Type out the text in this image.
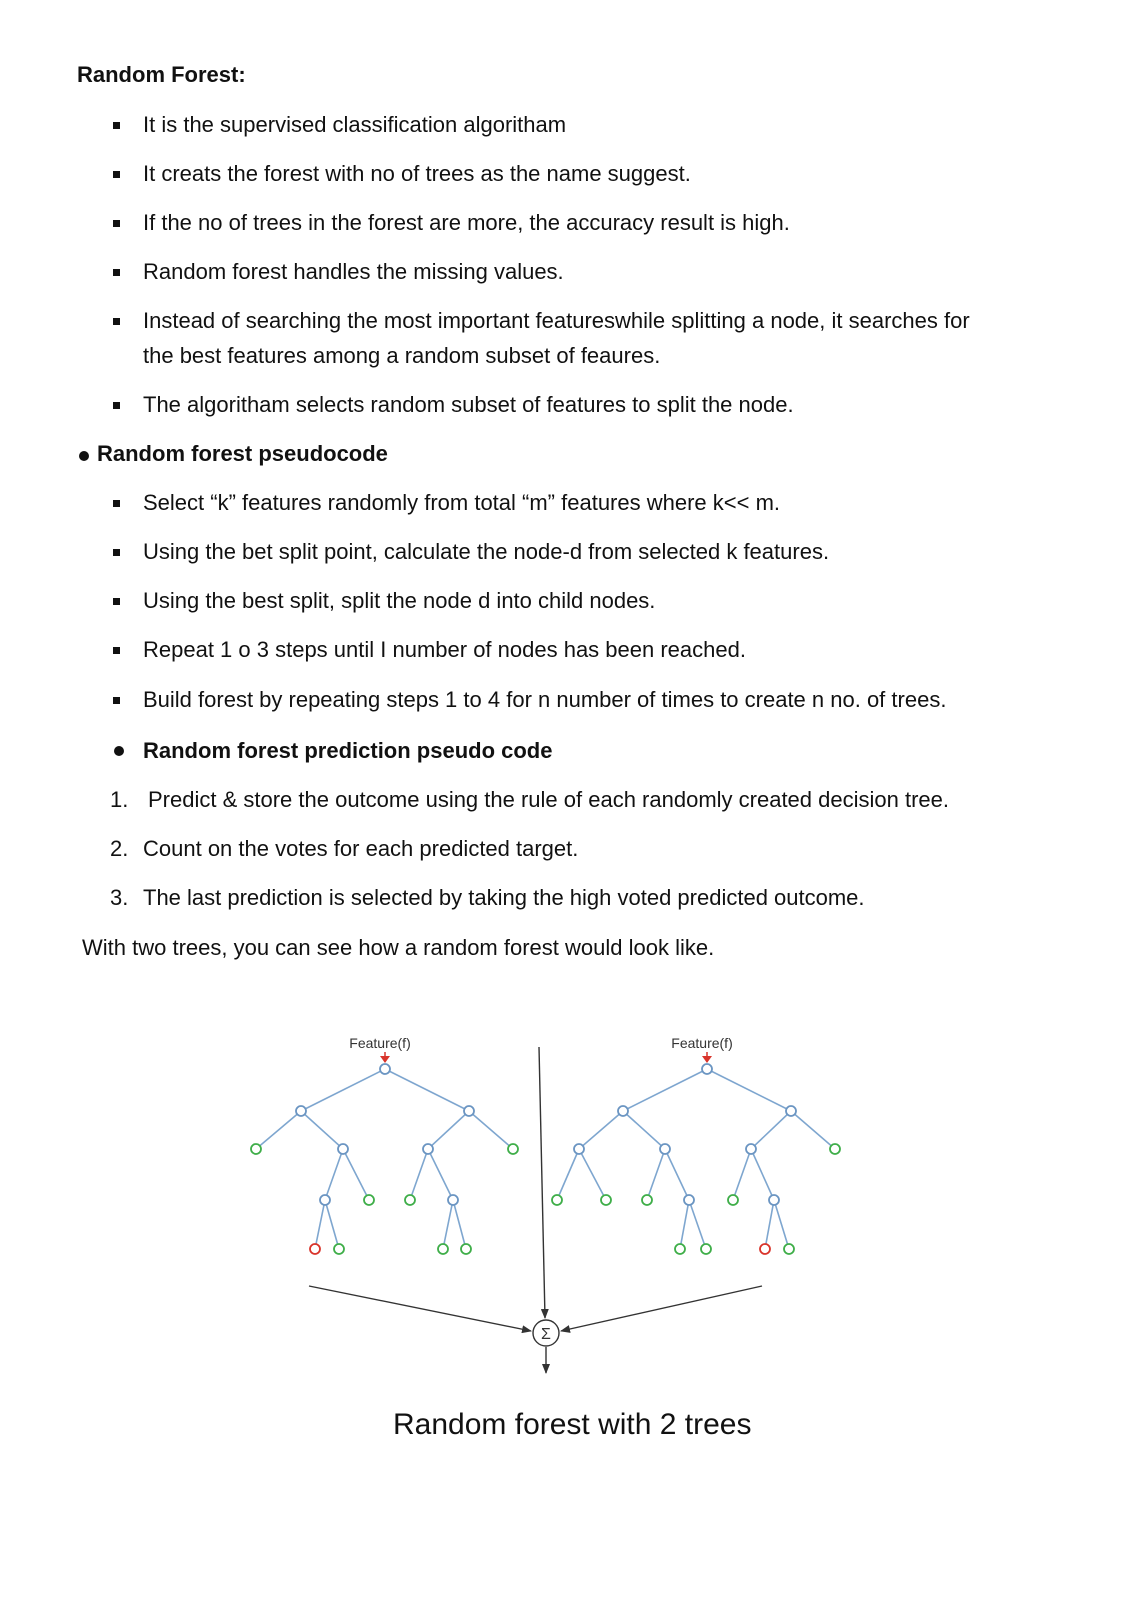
Random Forest:
It is the supervised classification algoritham
It creats the forest with no of trees as the name suggest.
If the no of trees in the forest are more, the accuracy result is high.
Random forest handles the missing values.
Instead of searching the most important featureswhile splitting a node, it searches for
the best features among a random subset of feaures.
The algoritham selects random subset of features to split the node.
Random forest pseudocode
Select “k” features randomly from total “m” features where k<< m.
Using the bet split point, calculate the node-d from selected k features.
Using the best split, split the node d into child nodes.
Repeat 1 o 3 steps until I number of nodes has been reached.
Build forest by repeating steps 1 to 4 for n number of times to create n no. of trees.
Random forest prediction pseudo code
1. Predict & store the outcome using the rule of each randomly created decision tree.
2. Count on the votes for each predicted target.
3. The last prediction is selected by taking the high voted predicted outcome.
With two trees, you can see how a random forest would look like.
Feature(f)	Feature(f)
Σ
Random forest with 2 trees
